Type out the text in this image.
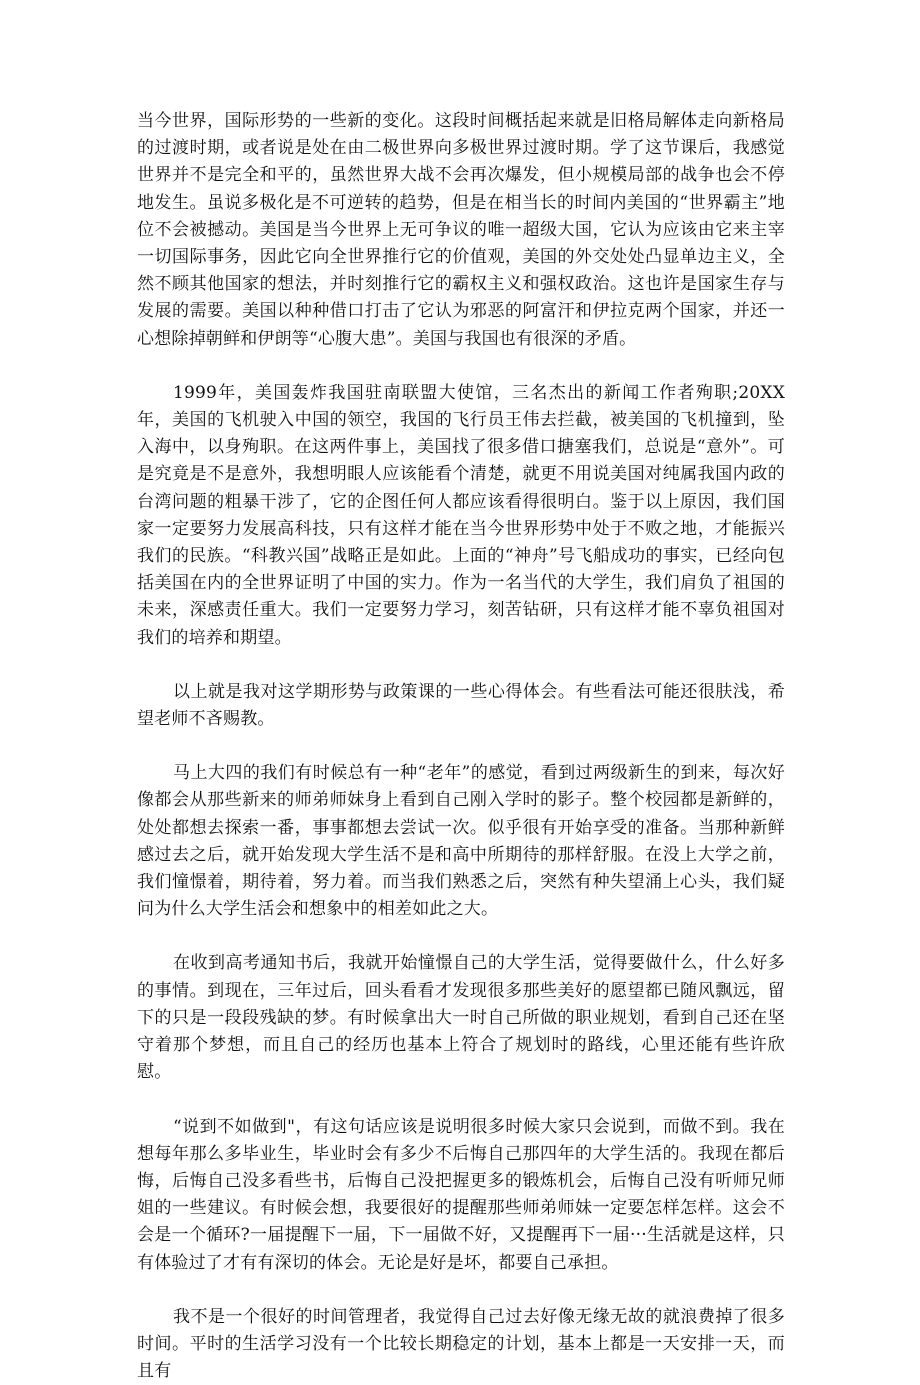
当今世界，国际形势的一些新的变化。这段时间概括起来就是旧格局解体走向新格局的过渡时期，或者说是处在由二极世界向多极世界过渡时期。学了这节课后，我感觉世界并不是完全和平的，虽然世界大战不会再次爆发，但小规模局部的战争也会不停地发生。虽说多极化是不可逆转的趋势，但是在相当长的时间内美国的“世界霸主”地位不会被撼动。美国是当今世界上无可争议的唯一超级大国，它认为应该由它来主宰一切国际事务，因此它向全世界推行它的价值观，美国的外交处处凸显单边主义，全然不顾其他国家的想法，并时刻推行它的霸权主义和强权政治。这也许是国家生存与发展的需要。美国以种种借口打击了它认为邪恶的阿富汗和伊拉克两个国家，并还一心想除掉朝鲜和伊朗等“心腹大患”。美国与我国也有很深的矛盾。

1999年，美国轰炸我国驻南联盟大使馆，三名杰出的新闻工作者殉职;20XX年，美国的飞机驶入中国的领空，我国的飞行员王伟去拦截，被美国的飞机撞到，坠入海中，以身殉职。在这两件事上，美国找了很多借口搪塞我们，总说是“意外”。可是究竟是不是意外，我想明眼人应该能看个清楚，就更不用说美国对纯属我国内政的台湾问题的粗暴干涉了，它的企图任何人都应该看得很明白。鉴于以上原因，我们国家一定要努力发展高科技，只有这样才能在当今世界形势中处于不败之地，才能振兴我们的民族。“科教兴国”战略正是如此。上面的“神舟”号飞船成功的事实，已经向包括美国在内的全世界证明了中国的实力。作为一名当代的大学生，我们肩负了祖国的未来，深感责任重大。我们一定要努力学习，刻苦钻研，只有这样才能不辜负祖国对我们的培养和期望。

以上就是我对这学期形势与政策课的一些心得体会。有些看法可能还很肤浅，希望老师不吝赐教。

马上大四的我们有时候总有一种“老年”的感觉，看到过两级新生的到来，每次好像都会从那些新来的师弟师妹身上看到自己刚入学时的影子。整个校园都是新鲜的，处处都想去探索一番，事事都想去尝试一次。似乎很有开始享受的准备。当那种新鲜感过去之后，就开始发现大学生活不是和高中所期待的那样舒服。在没上大学之前，我们憧憬着，期待着，努力着。而当我们熟悉之后，突然有种失望涌上心头，我们疑问为什么大学生活会和想象中的相差如此之大。

在收到高考通知书后，我就开始憧憬自己的大学生活，觉得要做什么，什么好多的事情。到现在，三年过后，回头看看才发现很多那些美好的愿望都已随风飘远，留下的只是一段段残缺的梦。有时候拿出大一时自己所做的职业规划，看到自己还在坚守着那个梦想，而且自己的经历也基本上符合了规划时的路线，心里还能有些许欣慰。

“说到不如做到"，有这句话应该是说明很多时候大家只会说到，而做不到。我在想每年那么多毕业生，毕业时会有多少不后悔自己那四年的大学生活的。我现在都后悔，后悔自己没多看些书，后悔自己没把握更多的锻炼机会，后悔自己没有听师兄师姐的一些建议。有时候会想，我要很好的提醒那些师弟师妹一定要怎样怎样。这会不会是一个循环?一届提醒下一届，下一届做不好，又提醒再下一届···生活就是这样，只有体验过了才有有深切的体会。无论是好是坏，都要自己承担。

我不是一个很好的时间管理者，我觉得自己过去好像无缘无故的就浪费掉了很多时间。平时的生活学习没有一个比较长期稳定的计划，基本上都是一天安排一天，而且有
